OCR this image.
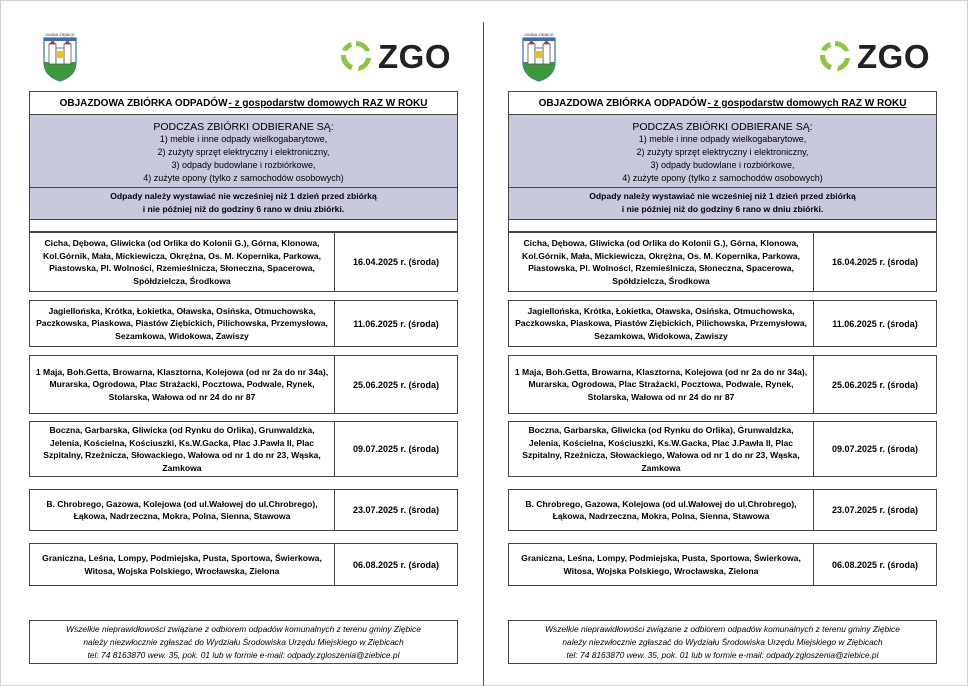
GMINA ZIĘBICE
ZGO
OBJAZDOWA ZBIÓRKA ODPADÓW - z gospodarstw domowych RAZ W ROKU
PODCZAS ZBIÓRKI ODBIERANE SĄ:
1) meble i inne odpady wielkogabarytowe,
2) zużyty sprzęt elektryczny i elektroniczny,
3) odpady budowlane i rozbiórkowe,
4) zużyte opony (tylko z samochodów osobowych)
Odpady należy wystawiać nie wcześniej niż 1 dzień przed zbiórką
i nie później niż do godziny 6 rano w dniu zbiórki.
Cicha, Dębowa, Gliwicka (od Orlika do Kolonii G.), Górna, Klonowa, Kol.Górnik, Mała, Mickiewicza, Okrężna, Os. M. Kopernika, Parkowa, Piastowska, Pl. Wolności, Rzemieślnicza, Słoneczna, Spacerowa, Spółdzielcza, Środkowa
16.04.2025 r. (środa)
Jagiellońska, Krótka, Łokietka, Oławska, Osińska, Otmuchowska, Paczkowska, Piaskowa, Piastów Ziębickich, Pilichowska, Przemysłowa, Sezamkowa, Widokowa, Zawiszy
11.06.2025 r. (środa)
1 Maja, Boh.Getta, Browarna, Klasztorna, Kolejowa (od nr 2a do nr 34a), Murarska, Ogrodowa, Plac Strażacki, Pocztowa, Podwale, Rynek, Stolarska, Wałowa od nr 24 do nr 87
25.06.2025 r. (środa)
Boczna, Garbarska, Gliwicka (od Rynku do Orlika), Grunwaldzka, Jelenia, Kościelna, Kościuszki, Ks.W.Gacka, Plac J.Pawła II, Plac Szpitalny, Rzeźnicza, Słowackiego, Wałowa od nr 1 do nr 23, Wąska, Zamkowa
09.07.2025 r. (środa)
B. Chrobrego, Gazowa, Kolejowa (od ul.Wałowej do ul.Chrobrego), Łąkowa, Nadrzeczna, Mokra, Polna, Sienna, Stawowa
23.07.2025 r. (środa)
Graniczna, Leśna, Lompy, Podmiejska, Pusta, Sportowa, Świerkowa, Witosa, Wojska Polskiego, Wrocławska, Zielona
06.08.2025 r. (środa)
Wszelkie nieprawidłowości związane z odbiorem odpadów komunalnych z terenu gminy Ziębice
należy niezwłocznie zgłaszać do Wydziału Środowiska Urzędu Miejskiego w Ziębicach
tel: 74 8163870 wew. 35, pok. 01 lub w formie e-mail: odpady.zgloszenia@ziebice.pl
GMINA ZIĘBICE
ZGO
OBJAZDOWA ZBIÓRKA ODPADÓW - z gospodarstw domowych RAZ W ROKU
PODCZAS ZBIÓRKI ODBIERANE SĄ:
1) meble i inne odpady wielkogabarytowe,
2) zużyty sprzęt elektryczny i elektroniczny,
3) odpady budowlane i rozbiórkowe,
4) zużyte opony (tylko z samochodów osobowych)
Odpady należy wystawiać nie wcześniej niż 1 dzień przed zbiórką
i nie później niż do godziny 6 rano w dniu zbiórki.
Cicha, Dębowa, Gliwicka (od Orlika do Kolonii G.), Górna, Klonowa, Kol.Górnik, Mała, Mickiewicza, Okrężna, Os. M. Kopernika, Parkowa, Piastowska, Pl. Wolności, Rzemieślnicza, Słoneczna, Spacerowa, Spółdzielcza, Środkowa
16.04.2025 r. (środa)
Jagiellońska, Krótka, Łokietka, Oławska, Osińska, Otmuchowska, Paczkowska, Piaskowa, Piastów Ziębickich, Pilichowska, Przemysłowa, Sezamkowa, Widokowa, Zawiszy
11.06.2025 r. (środa)
1 Maja, Boh.Getta, Browarna, Klasztorna, Kolejowa (od nr 2a do nr 34a), Murarska, Ogrodowa, Plac Strażacki, Pocztowa, Podwale, Rynek, Stolarska, Wałowa od nr 24 do nr 87
25.06.2025 r. (środa)
Boczna, Garbarska, Gliwicka (od Rynku do Orlika), Grunwaldzka, Jelenia, Kościelna, Kościuszki, Ks.W.Gacka, Plac J.Pawła II, Plac Szpitalny, Rzeźnicza, Słowackiego, Wałowa od nr 1 do nr 23, Wąska, Zamkowa
09.07.2025 r. (środa)
B. Chrobrego, Gazowa, Kolejowa (od ul.Wałowej do ul.Chrobrego), Łąkowa, Nadrzeczna, Mokra, Polna, Sienna, Stawowa
23.07.2025 r. (środa)
Graniczna, Leśna, Lompy, Podmiejska, Pusta, Sportowa, Świerkowa, Witosa, Wojska Polskiego, Wrocławska, Zielona
06.08.2025 r. (środa)
Wszelkie nieprawidłowości związane z odbiorem odpadów komunalnych z terenu gminy Ziębice
należy niezwłocznie zgłaszać do Wydziału Środowiska Urzędu Miejskiego w Ziębicach
tel: 74 8163870 wew. 35, pok. 01 lub w formie e-mail: odpady.zgloszenia@ziebice.pl
